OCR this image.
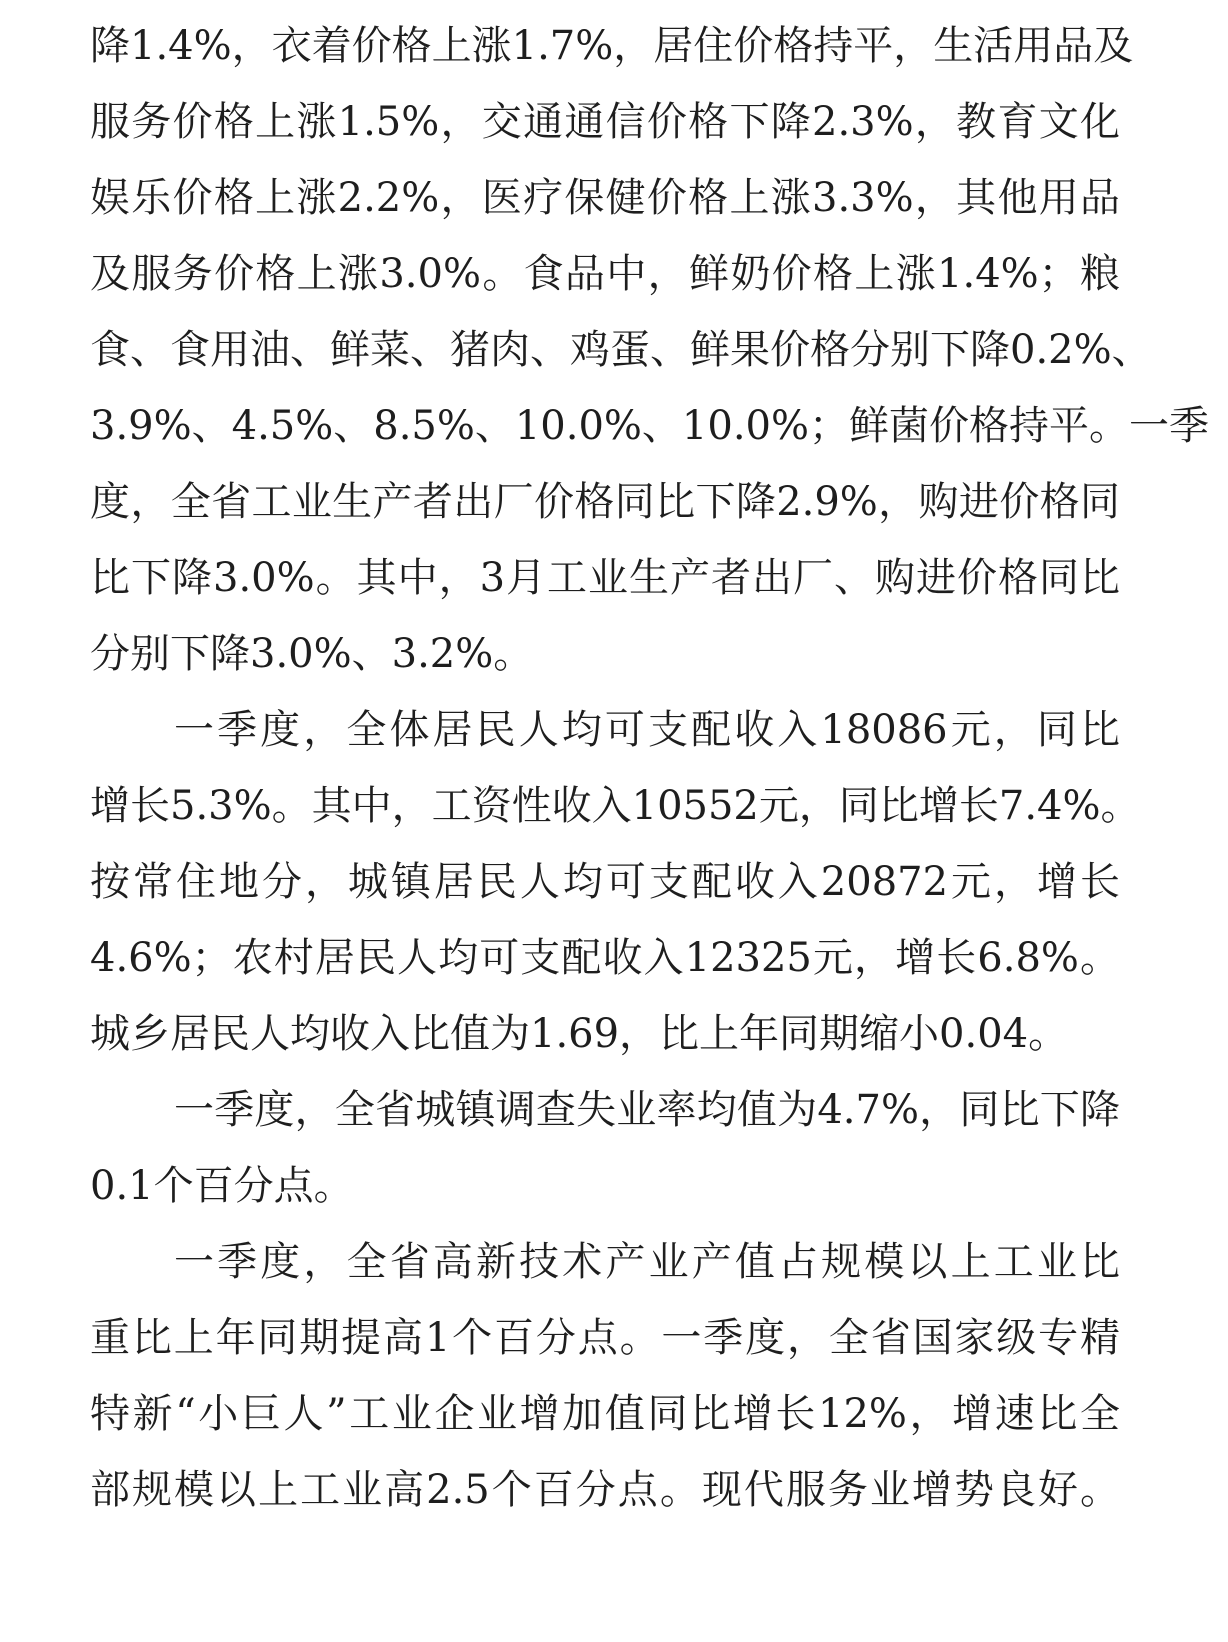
降1.4%，衣着价格上涨1.7%，居住价格持平，生活用品及
服务价格上涨1.5%，交通通信价格下降2.3%，教育文化
娱乐价格上涨2.2%，医疗保健价格上涨3.3%，其他用品
及服务价格上涨3.0%。食品中，鲜奶价格上涨1.4%；粮
食、食用油、鲜菜、猪肉、鸡蛋、鲜果价格分别下降0.2%、
3.9%、4.5%、8.5%、10.0%、10.0%；鲜菌价格持平。一季
度，全省工业生产者出厂价格同比下降2.9%，购进价格同
比下降3.0%。其中，3月工业生产者出厂、购进价格同比
分别下降3.0%、3.2%。
一季度，全体居民人均可支配收入18086元，同比
增长5.3%。其中，工资性收入10552元，同比增长7.4%。
按常住地分，城镇居民人均可支配收入20872元，增长
4.6%；农村居民人均可支配收入12325元，增长6.8%。
城乡居民人均收入比值为1.69，比上年同期缩小0.04。
一季度，全省城镇调查失业率均值为4.7%，同比下降
0.1个百分点。
一季度，全省高新技术产业产值占规模以上工业比
重比上年同期提高1个百分点。一季度，全省国家级专精
特新“小巨人”工业企业增加值同比增长12%，增速比全
部规模以上工业高2.5个百分点。现代服务业增势良好。
